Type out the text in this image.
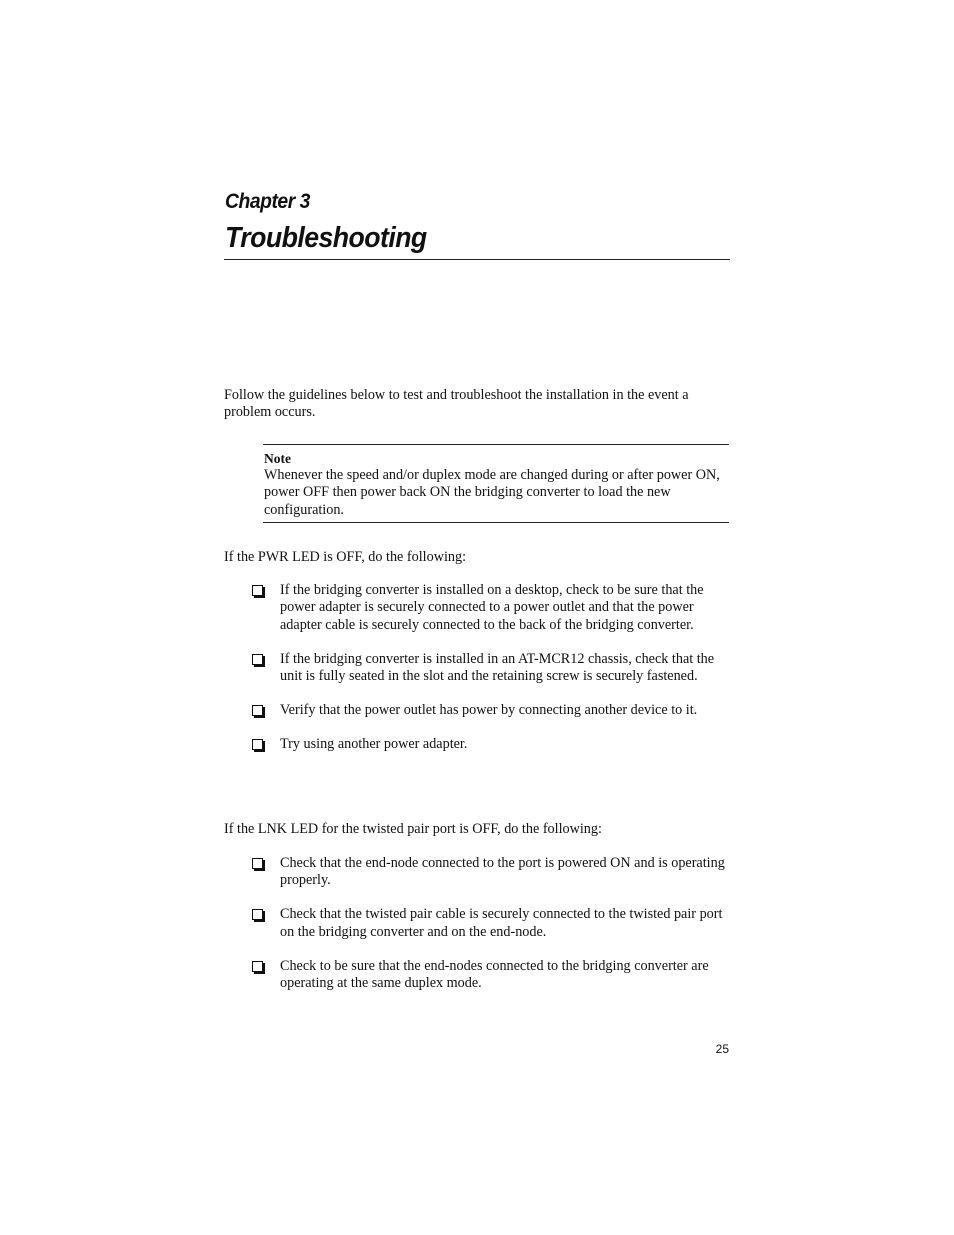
Chapter 3
Troubleshooting

Follow the guidelines below to test and troubleshoot the installation in the event a problem occurs.

Note
Whenever the speed and/or duplex mode are changed during or after power ON, power OFF then power back ON the bridging converter to load the new configuration.

If the PWR LED is OFF, do the following:

If the bridging converter is installed on a desktop, check to be sure that the power adapter is securely connected to a power outlet and that the power adapter cable is securely connected to the back of the bridging converter.
If the bridging converter is installed in an AT-MCR12 chassis, check that the unit is fully seated in the slot and the retaining screw is securely fastened.
Verify that the power outlet has power by connecting another device to it.
Try using another power adapter.

If the LNK LED for the twisted pair port is OFF, do the following:

Check that the end-node connected to the port is powered ON and is operating properly.
Check that the twisted pair cable is securely connected to the twisted pair port on the bridging converter and on the end-node.
Check to be sure that the end-nodes connected to the bridging converter are operating at the same duplex mode.
25
